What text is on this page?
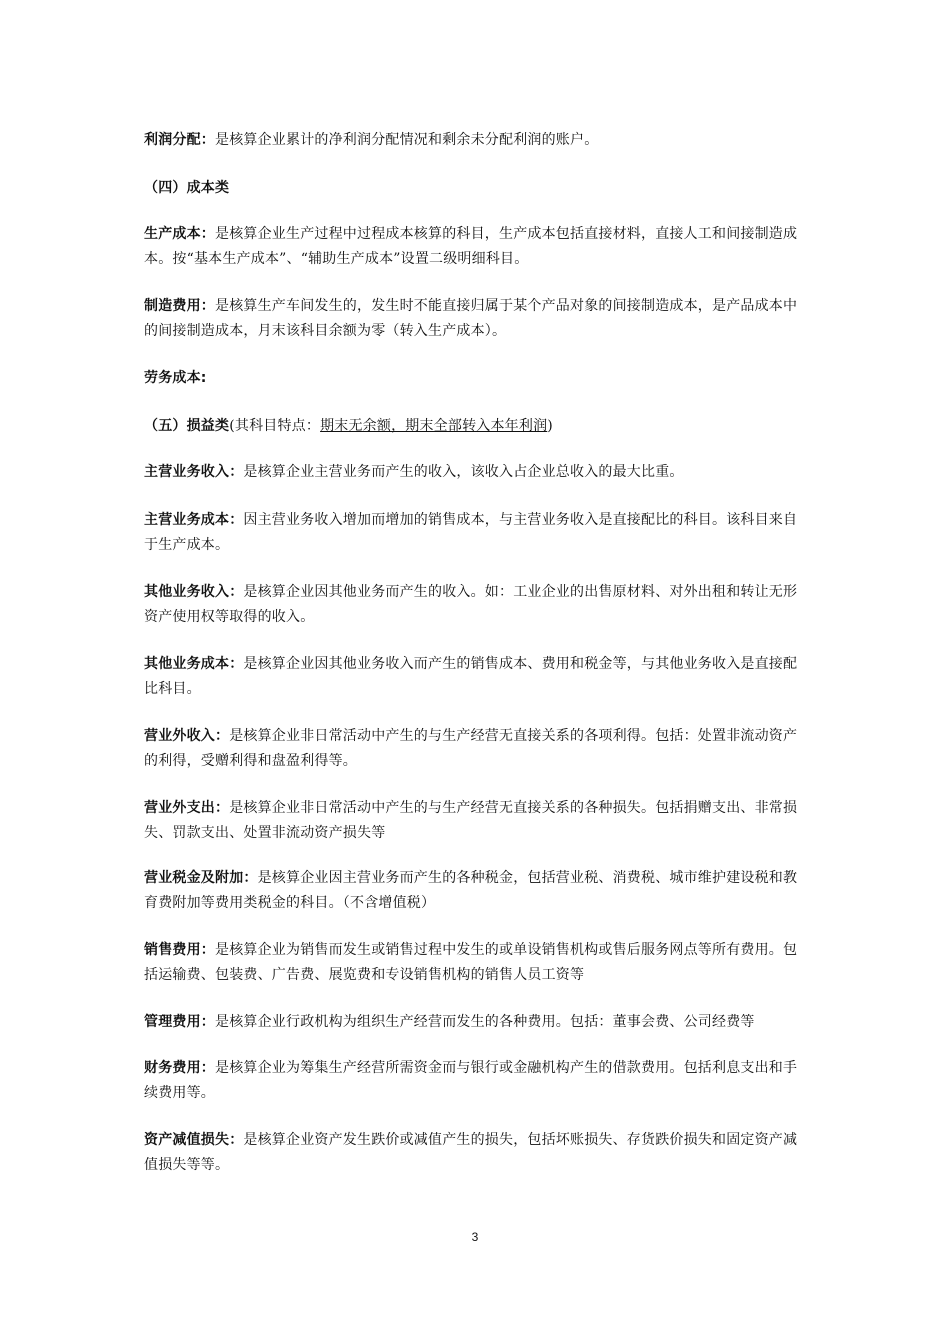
利润分配：是核算企业累计的净利润分配情况和剩余未分配利润的账户。

（四）成本类

生产成本：是核算企业生产过程中过程成本核算的科目，生产成本包括直接材料，直接人工和间接制造成本。按“基本生产成本”、“辅助生产成本”设置二级明细科目。

制造费用：是核算生产车间发生的，发生时不能直接归属于某个产品对象的间接制造成本，是产品成本中的间接制造成本，月末该科目余额为零（转入生产成本）。

劳务成本:

（五）损益类(其科目特点：期末无余额，期末全部转入本年利润)

主营业务收入：是核算企业主营业务而产生的收入，该收入占企业总收入的最大比重。

主营业务成本：因主营业务收入增加而增加的销售成本，与主营业务收入是直接配比的科目。该科目来自于生产成本。

其他业务收入：是核算企业因其他业务而产生的收入。如：工业企业的出售原材料、对外出租和转让无形资产使用权等取得的收入。

其他业务成本：是核算企业因其他业务收入而产生的销售成本、费用和税金等，与其他业务收入是直接配比科目。

营业外收入：是核算企业非日常活动中产生的与生产经营无直接关系的各项利得。包括：处置非流动资产的利得，受赠利得和盘盈利得等。

营业外支出：是核算企业非日常活动中产生的与生产经营无直接关系的各种损失。包括捐赠支出、非常损失、罚款支出、处置非流动资产损失等

营业税金及附加：是核算企业因主营业务而产生的各种税金，包括营业税、消费税、城市维护建设税和教育费附加等费用类税金的科目。（不含增值税）

销售费用：是核算企业为销售而发生或销售过程中发生的或单设销售机构或售后服务网点等所有费用。包括运输费、包装费、广告费、展览费和专设销售机构的销售人员工资等

管理费用：是核算企业行政机构为组织生产经营而发生的各种费用。包括：董事会费、公司经费等

财务费用：是核算企业为筹集生产经营所需资金而与银行或金融机构产生的借款费用。包括利息支出和手续费用等。

资产减值损失：是核算企业资产发生跌价或减值产生的损失，包括坏账损失、存货跌价损失和固定资产减值损失等等。

3
